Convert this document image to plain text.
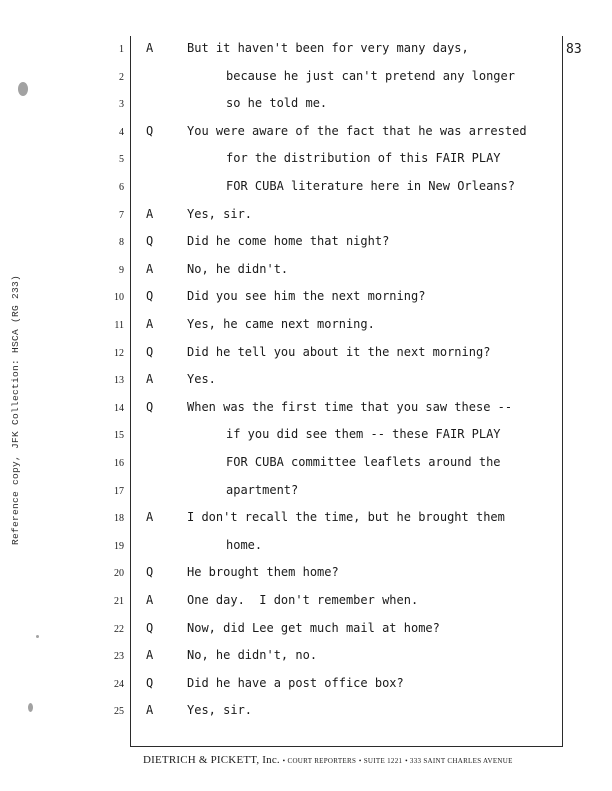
Reference copy, JFK Collection: HSCA (RG 233)
83
1 A	But it haven't been for very many days,
2	because he just can't pretend any longer
3	so he told me.
4 Q	You were aware of the fact that he was arrested
5	for the distribution of this FAIR PLAY
6	FOR CUBA literature here in New Orleans?
7 A	Yes, sir.
8 Q	Did he come home that night?
9 A	No, he didn't.
10 Q	Did you see him the next morning?
11 A	Yes, he came next morning.
12 Q	Did he tell you about it the next morning?
13 A	Yes.
14 Q	When was the first time that you saw these --
15	if you did see them -- these FAIR PLAY
16	FOR CUBA committee leaflets around the
17	apartment?
18 A	I don't recall the time, but he brought them
19	home.
20 Q	He brought them home?
21 A	One day.  I don't remember when.
22 Q	Now, did Lee get much mail at home?
23 A	No, he didn't, no.
24 Q	Did he have a post office box?
25 A	Yes, sir.
DIETRICH & PICKETT, Inc. • COURT REPORTERS • SUITE 1221 • 333 SAINT CHARLES AVENUE
